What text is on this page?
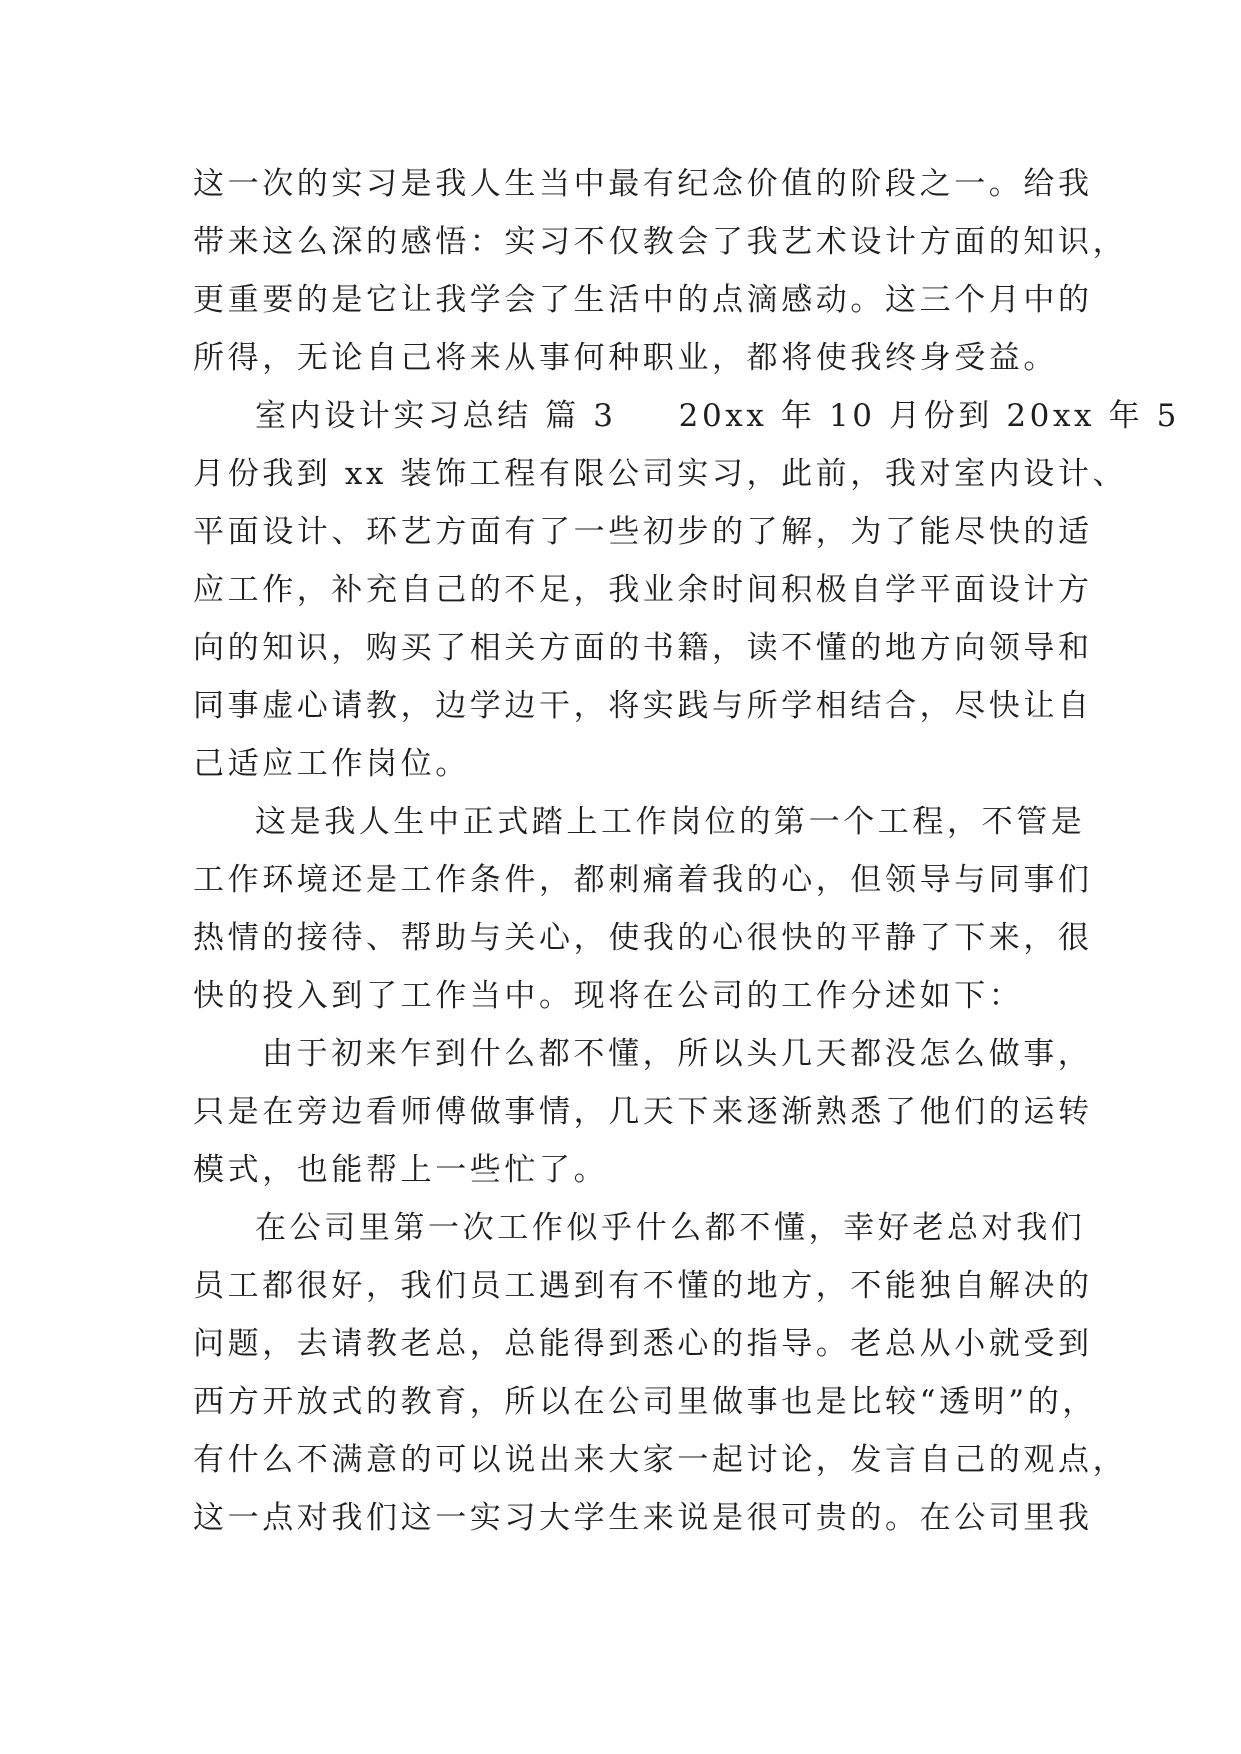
这一次的实习是我人生当中最有纪念价值的阶段之一。给我
带来这么深的感悟：实习不仅教会了我艺术设计方面的知识，
更重要的是它让我学会了生活中的点滴感动。这三个月中的
所得，无论自己将来从事何种职业，都将使我终身受益。
室内设计实习总结 篇 3 20xx 年 10 月份到 20xx 年 5
月份我到 xx 装饰工程有限公司实习，此前，我对室内设计、
平面设计、环艺方面有了一些初步的了解，为了能尽快的适
应工作，补充自己的不足，我业余时间积极自学平面设计方
向的知识，购买了相关方面的书籍，读不懂的地方向领导和
同事虚心请教，边学边干，将实践与所学相结合，尽快让自
己适应工作岗位。
这是我人生中正式踏上工作岗位的第一个工程，不管是
工作环境还是工作条件，都刺痛着我的心，但领导与同事们
热情的接待、帮助与关心，使我的心很快的平静了下来，很
快的投入到了工作当中。现将在公司的工作分述如下：
由于初来乍到什么都不懂，所以头几天都没怎么做事，
只是在旁边看师傅做事情，几天下来逐渐熟悉了他们的运转
模式，也能帮上一些忙了。
在公司里第一次工作似乎什么都不懂，幸好老总对我们
员工都很好，我们员工遇到有不懂的地方，不能独自解决的
问题，去请教老总，总能得到悉心的指导。老总从小就受到
西方开放式的教育，所以在公司里做事也是比较“透明”的，
有什么不满意的可以说出来大家一起讨论，发言自己的观点，
这一点对我们这一实习大学生来说是很可贵的。在公司里我
